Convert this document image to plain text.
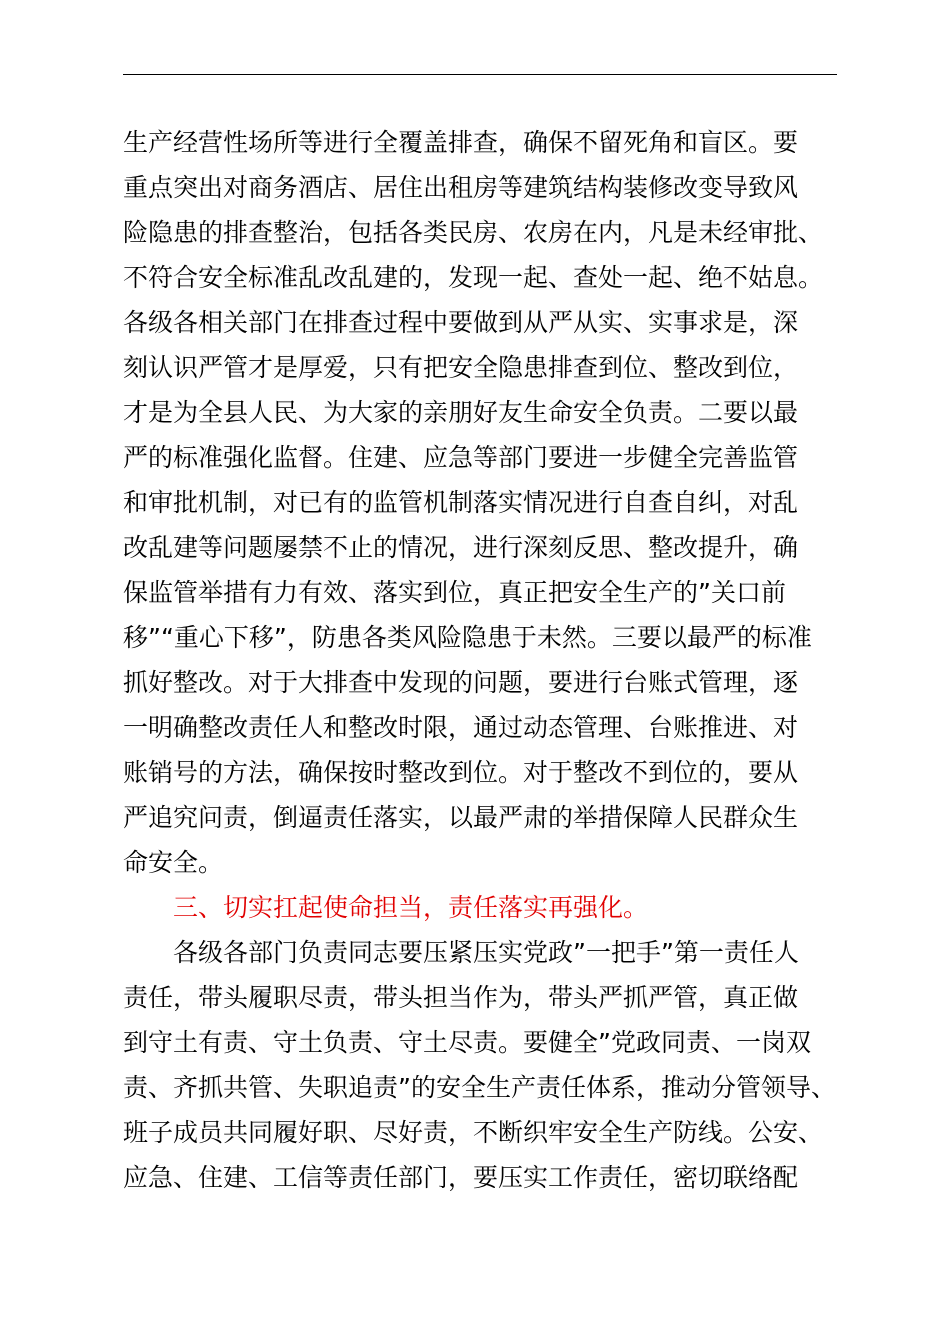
生产经营性场所等进行全覆盖排查，确保不留死角和盲区。要
重点突出对商务酒店、居住出租房等建筑结构装修改变导致风
险隐患的排查整治，包括各类民房、农房在内，凡是未经审批、
不符合安全标准乱改乱建的，发现一起、查处一起、绝不姑息。
各级各相关部门在排查过程中要做到从严从实、实事求是，深
刻认识严管才是厚爱，只有把安全隐患排查到位、整改到位，
才是为全县人民、为大家的亲朋好友生命安全负责。二要以最
严的标准强化监督。住建、应急等部门要进一步健全完善监管
和审批机制，对已有的监管机制落实情况进行自查自纠，对乱
改乱建等问题屡禁不止的情况，进行深刻反思、整改提升，确
保监管举措有力有效、落实到位，真正把安全生产的”关口前
移”“重心下移”，防患各类风险隐患于未然。三要以最严的标准
抓好整改。对于大排查中发现的问题，要进行台账式管理，逐
一明确整改责任人和整改时限，通过动态管理、台账推进、对
账销号的方法，确保按时整改到位。对于整改不到位的，要从
严追究问责，倒逼责任落实，以最严肃的举措保障人民群众生
命安全。
三、切实扛起使命担当，责任落实再强化。
各级各部门负责同志要压紧压实党政”一把手”第一责任人
责任，带头履职尽责，带头担当作为，带头严抓严管，真正做
到守土有责、守土负责、守土尽责。要健全”党政同责、一岗双
责、齐抓共管、失职追责”的安全生产责任体系，推动分管领导、
班子成员共同履好职、尽好责，不断织牢安全生产防线。公安、
应急、住建、工信等责任部门，要压实工作责任，密切联络配
